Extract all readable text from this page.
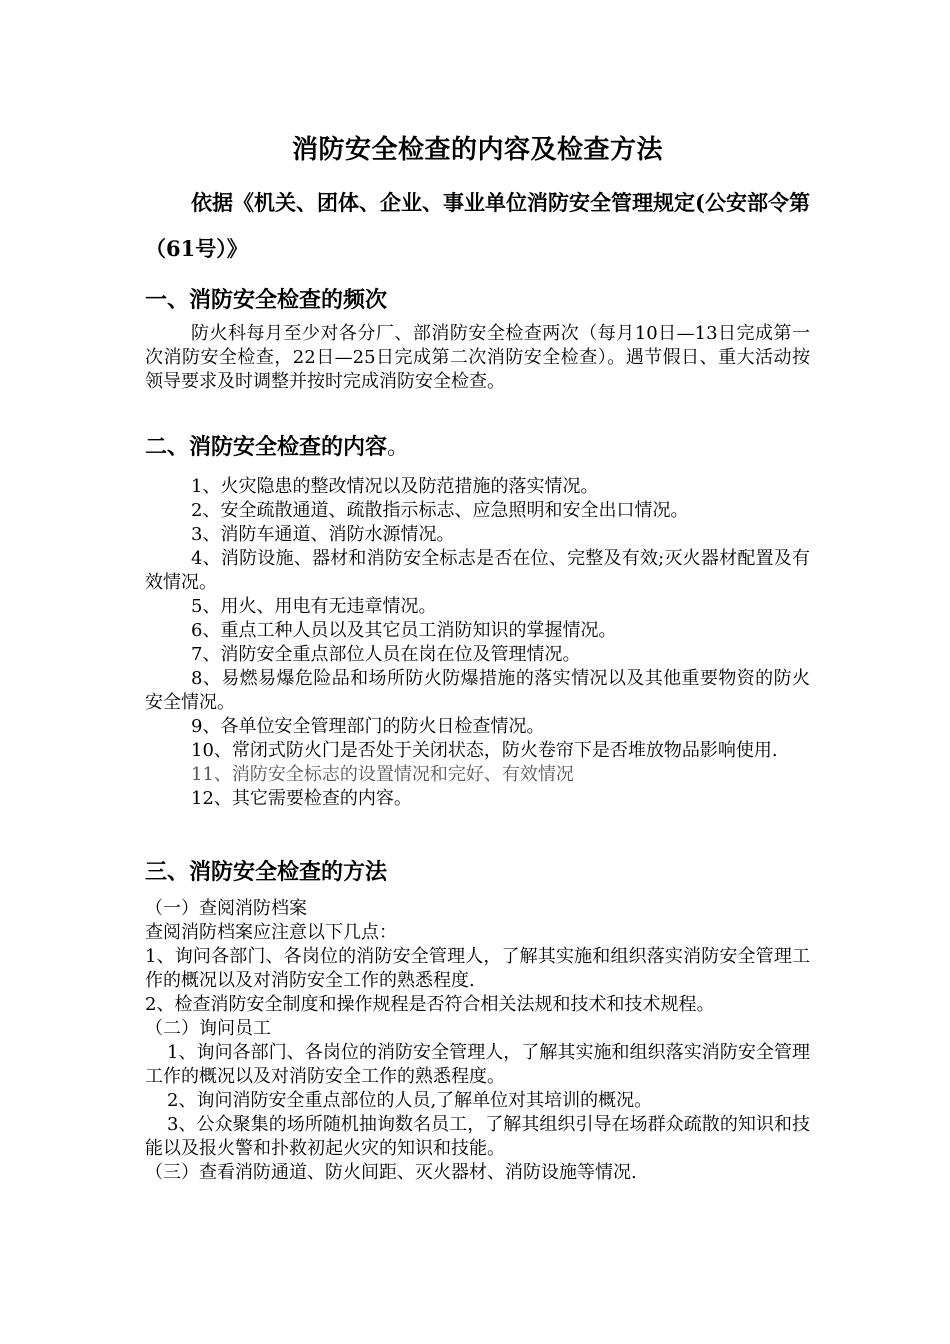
消防安全检查的内容及检查方法
依据《机关、团体、企业、事业单位消防安全管理规定(公安部令第（61号）》
一、消防安全检查的频次

防火科每月至少对各分厂、部消防安全检查两次（每月10日—13日完成第一次消防安全检查，22日—25日完成第二次消防安全检查）。遇节假日、重大活动按领导要求及时调整并按时完成消防安全检查。

二、消防安全检查的内容。

1、火灾隐患的整改情况以及防范措施的落实情况。

2、安全疏散通道、疏散指示标志、应急照明和安全出口情况。

3、消防车通道、消防水源情况。

4、消防设施、器材和消防安全标志是否在位、完整及有效;灭火器材配置及有效情况。

5、用火、用电有无违章情况。

6、重点工种人员以及其它员工消防知识的掌握情况。

7、消防安全重点部位人员在岗在位及管理情况。

8、易燃易爆危险品和场所防火防爆措施的落实情况以及其他重要物资的防火安全情况。

9、各单位安全管理部门的防火日检查情况。

10、常闭式防火门是否处于关闭状态，防火卷帘下是否堆放物品影响使用.

11、消防安全标志的设置情况和完好、有效情况

12、其它需要检查的内容。

三、消防安全检查的方法

（一）查阅消防档案

查阅消防档案应注意以下几点：

1、询问各部门、各岗位的消防安全管理人，了解其实施和组织落实消防安全管理工作的概况以及对消防安全工作的熟悉程度.

2、检查消防安全制度和操作规程是否符合相关法规和技术和技术规程。

（二）询问员工

1、询问各部门、各岗位的消防安全管理人，了解其实施和组织落实消防安全管理工作的概况以及对消防安全工作的熟悉程度。

2、询问消防安全重点部位的人员,了解单位对其培训的概况。

3、公众聚集的场所随机抽询数名员工，了解其组织引导在场群众疏散的知识和技能以及报火警和扑救初起火灾的知识和技能。

（三）查看消防通道、防火间距、灭火器材、消防设施等情况.
